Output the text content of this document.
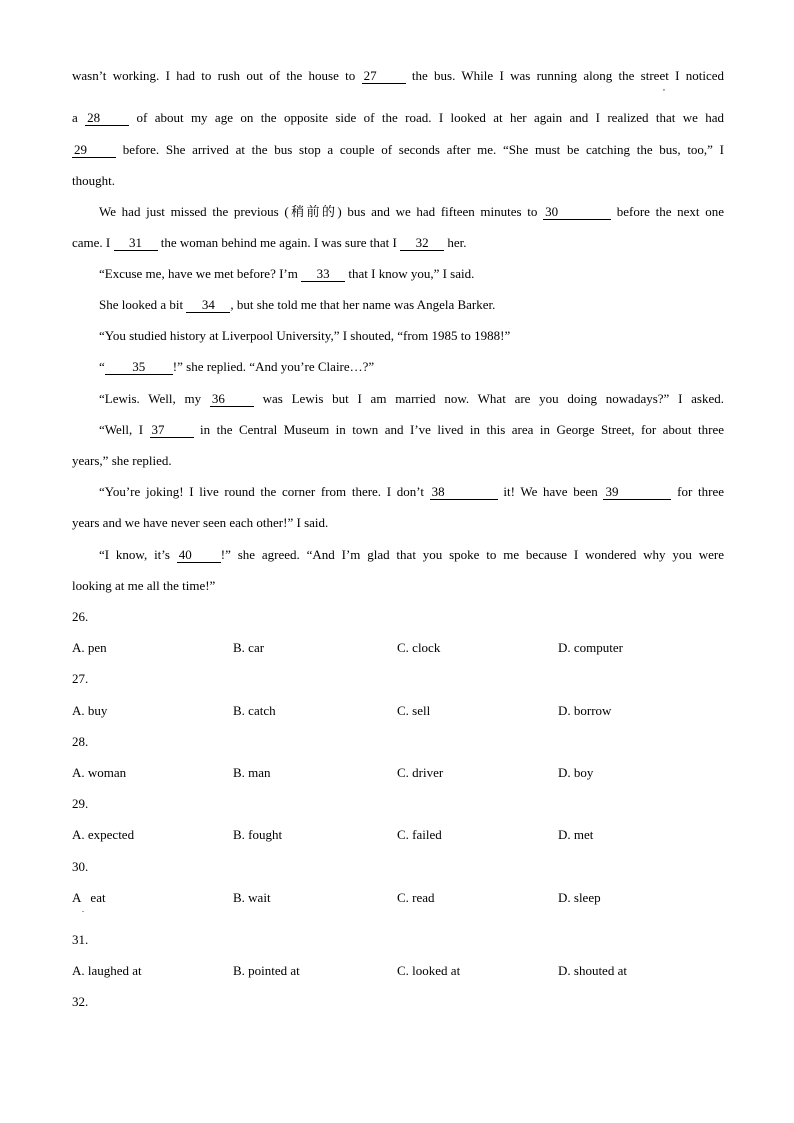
wasn’t working. I had to rush out of the house to 27 the bus. While I was running along the street I noticed
,
a 28 of about my age on the opposite side of the road. I looked at her again and I realized that we had
29 before. She arrived at the bus stop a couple of seconds after me. “She must be catching the bus, too,” I
thought.
We had just missed the previous (稍前的) bus and we had fifteen minutes to 30	before the next one
came. I 31 the woman behind me again. I was sure that I 32 her.
“Excuse me, have we met before? I’m 33 that I know you,” I said.
She looked a bit 34 , but she told me that her name was Angela Barker.
“You studied history at Liverpool University,” I shouted, “from 1985 to 1988!”
“ 35 !” she replied. “And you’re Claire…?”
“Lewis. Well, my 36 was Lewis but I am married now. What are you doing nowadays?” I asked.
“Well, I 37 in the Central Museum in town and I’ve lived in this area in George Street, for about three
years,” she replied.
“You’re joking! I live round the corner from there. I don’t 38	it! We have been 39	for three
years and we have never seen each other!” I said.
“I know, it’s 40 !” she agreed. “And I’m glad that you spoke to me because I wondered why you were
looking at me all the time!”
26.
A. pen	B. car	C. clock	D. computer
27.
A. buy	B. catch	C. sell	D. borrow
28.
A. woman	B. man	C. driver	D. boy
29.
A. expected	B. fought	C. failed	D. met
30.
A   eat	B. wait	C. read	D. sleep
.
31.
A. laughed at	B. pointed at	C. looked at	D. shouted at
32.
